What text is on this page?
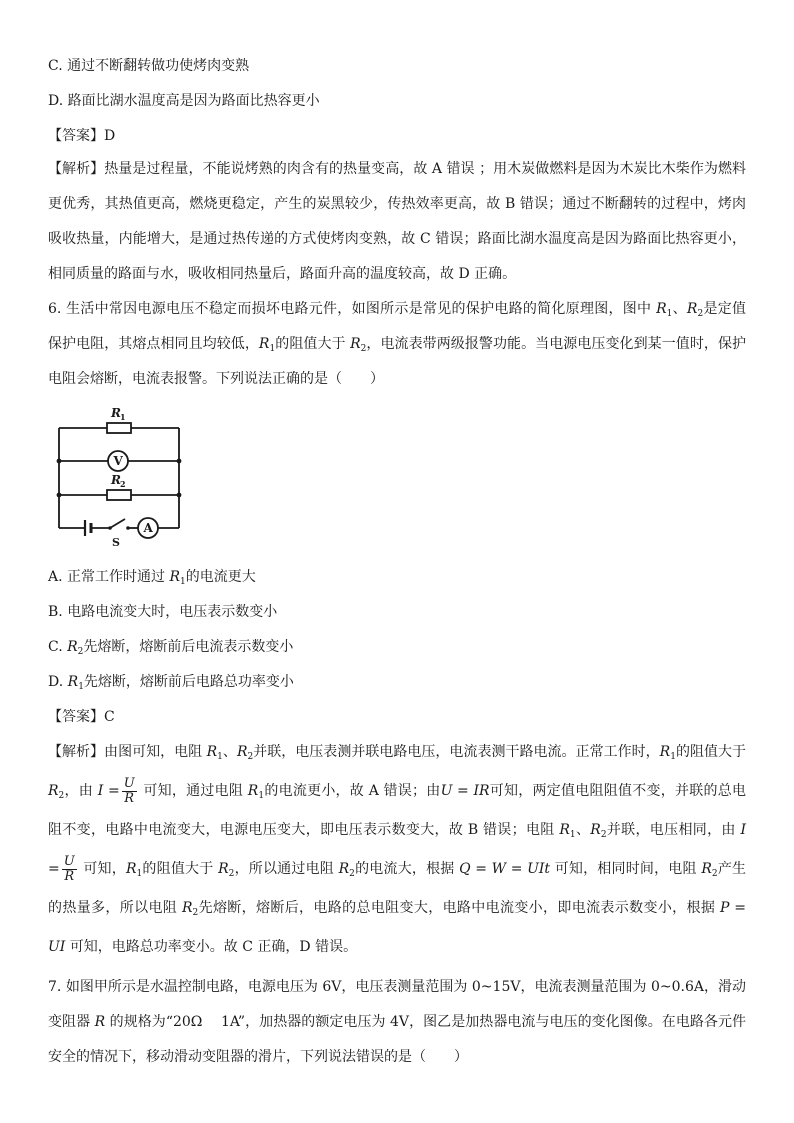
C. 通过不断翻转做功使烤肉变熟
D. 路面比湖水温度高是因为路面比热容更小
【答案】D
【解析】热量是过程量，不能说烤熟的肉含有的热量变高，故 A 错误 ；用木炭做燃料是因为木炭比木柴作为燃料更优秀，其热值更高，燃烧更稳定，产生的炭黑较少，传热效率更高，故 B 错误；通过不断翻转的过程中，烤肉吸收热量，内能增大，是通过热传递的方式使烤肉变熟，故 C 错误；路面比湖水温度高是因为路面比热容更小，相同质量的路面与水，吸收相同热量后，路面升高的温度较高，故 D 正确。
6. 生活中常因电源电压不稳定而损坏电路元件，如图所示是常见的保护电路的简化原理图，图中 $R_1$、$R_2$是定值保护电阻，其熔点相同且均较低，$R_1$的阻值大于 $R_2$，电流表带两级报警功能。当电源电压变化到某一值时，保护电阻会熔断，电流表报警。下列说法正确的是（　　）
R 1
V
R 2
A
S
A. 正常工作时通过 $R_1$的电流更大
B. 电路电流变大时，电压表示数变小
C. $R_2$先熔断，熔断前后电流表示数变小
D. $R_1$先熔断，熔断前后电路总功率变小
【答案】C
【解析】由图可知，电阻 $R_1$、$R_2$并联，电压表测并联电路电压，电流表测干路电流。正常工作时，$R_1$的阻值大于$R_2$，由 $I = \frac{U}{R}$ 可知，通过电阻 $R_1$的电流更小，故 A 错误；由U = IR可知，两定值电阻阻值不变，并联的总电阻不变，电路中电流变大，电源电压变大，即电压表示数变大，故 B 错误；电阻 $R_1$、$R_2$并联，电压相同，由 $I = \frac{U}{R}$ 可知，$R_1$的阻值大于 $R_2$，所以通过电阻 $R_2$的电流大，根据 Q = W = UIt 可知，相同时间，电阻 $R_2$产生的热量多，所以电阻 $R_2$先熔断，熔断后，电路的总电阻变大，电路中电流变小，即电流表示数变小，根据 P = UI 可知，电路总功率变小。故 C 正确，D 错误。
7. 如图甲所示是水温控制电路，电源电压为 6V，电压表测量范围为 0~15V，电流表测量范围为 0~0.6A，滑动变阻器 R 的规格为“20Ω　 1A”，加热器的额定电压为 4V，图乙是加热器电流与电压的变化图像。在电路各元件安全的情况下，移动滑动变阻器的滑片，下列说法错误的是（　　）
